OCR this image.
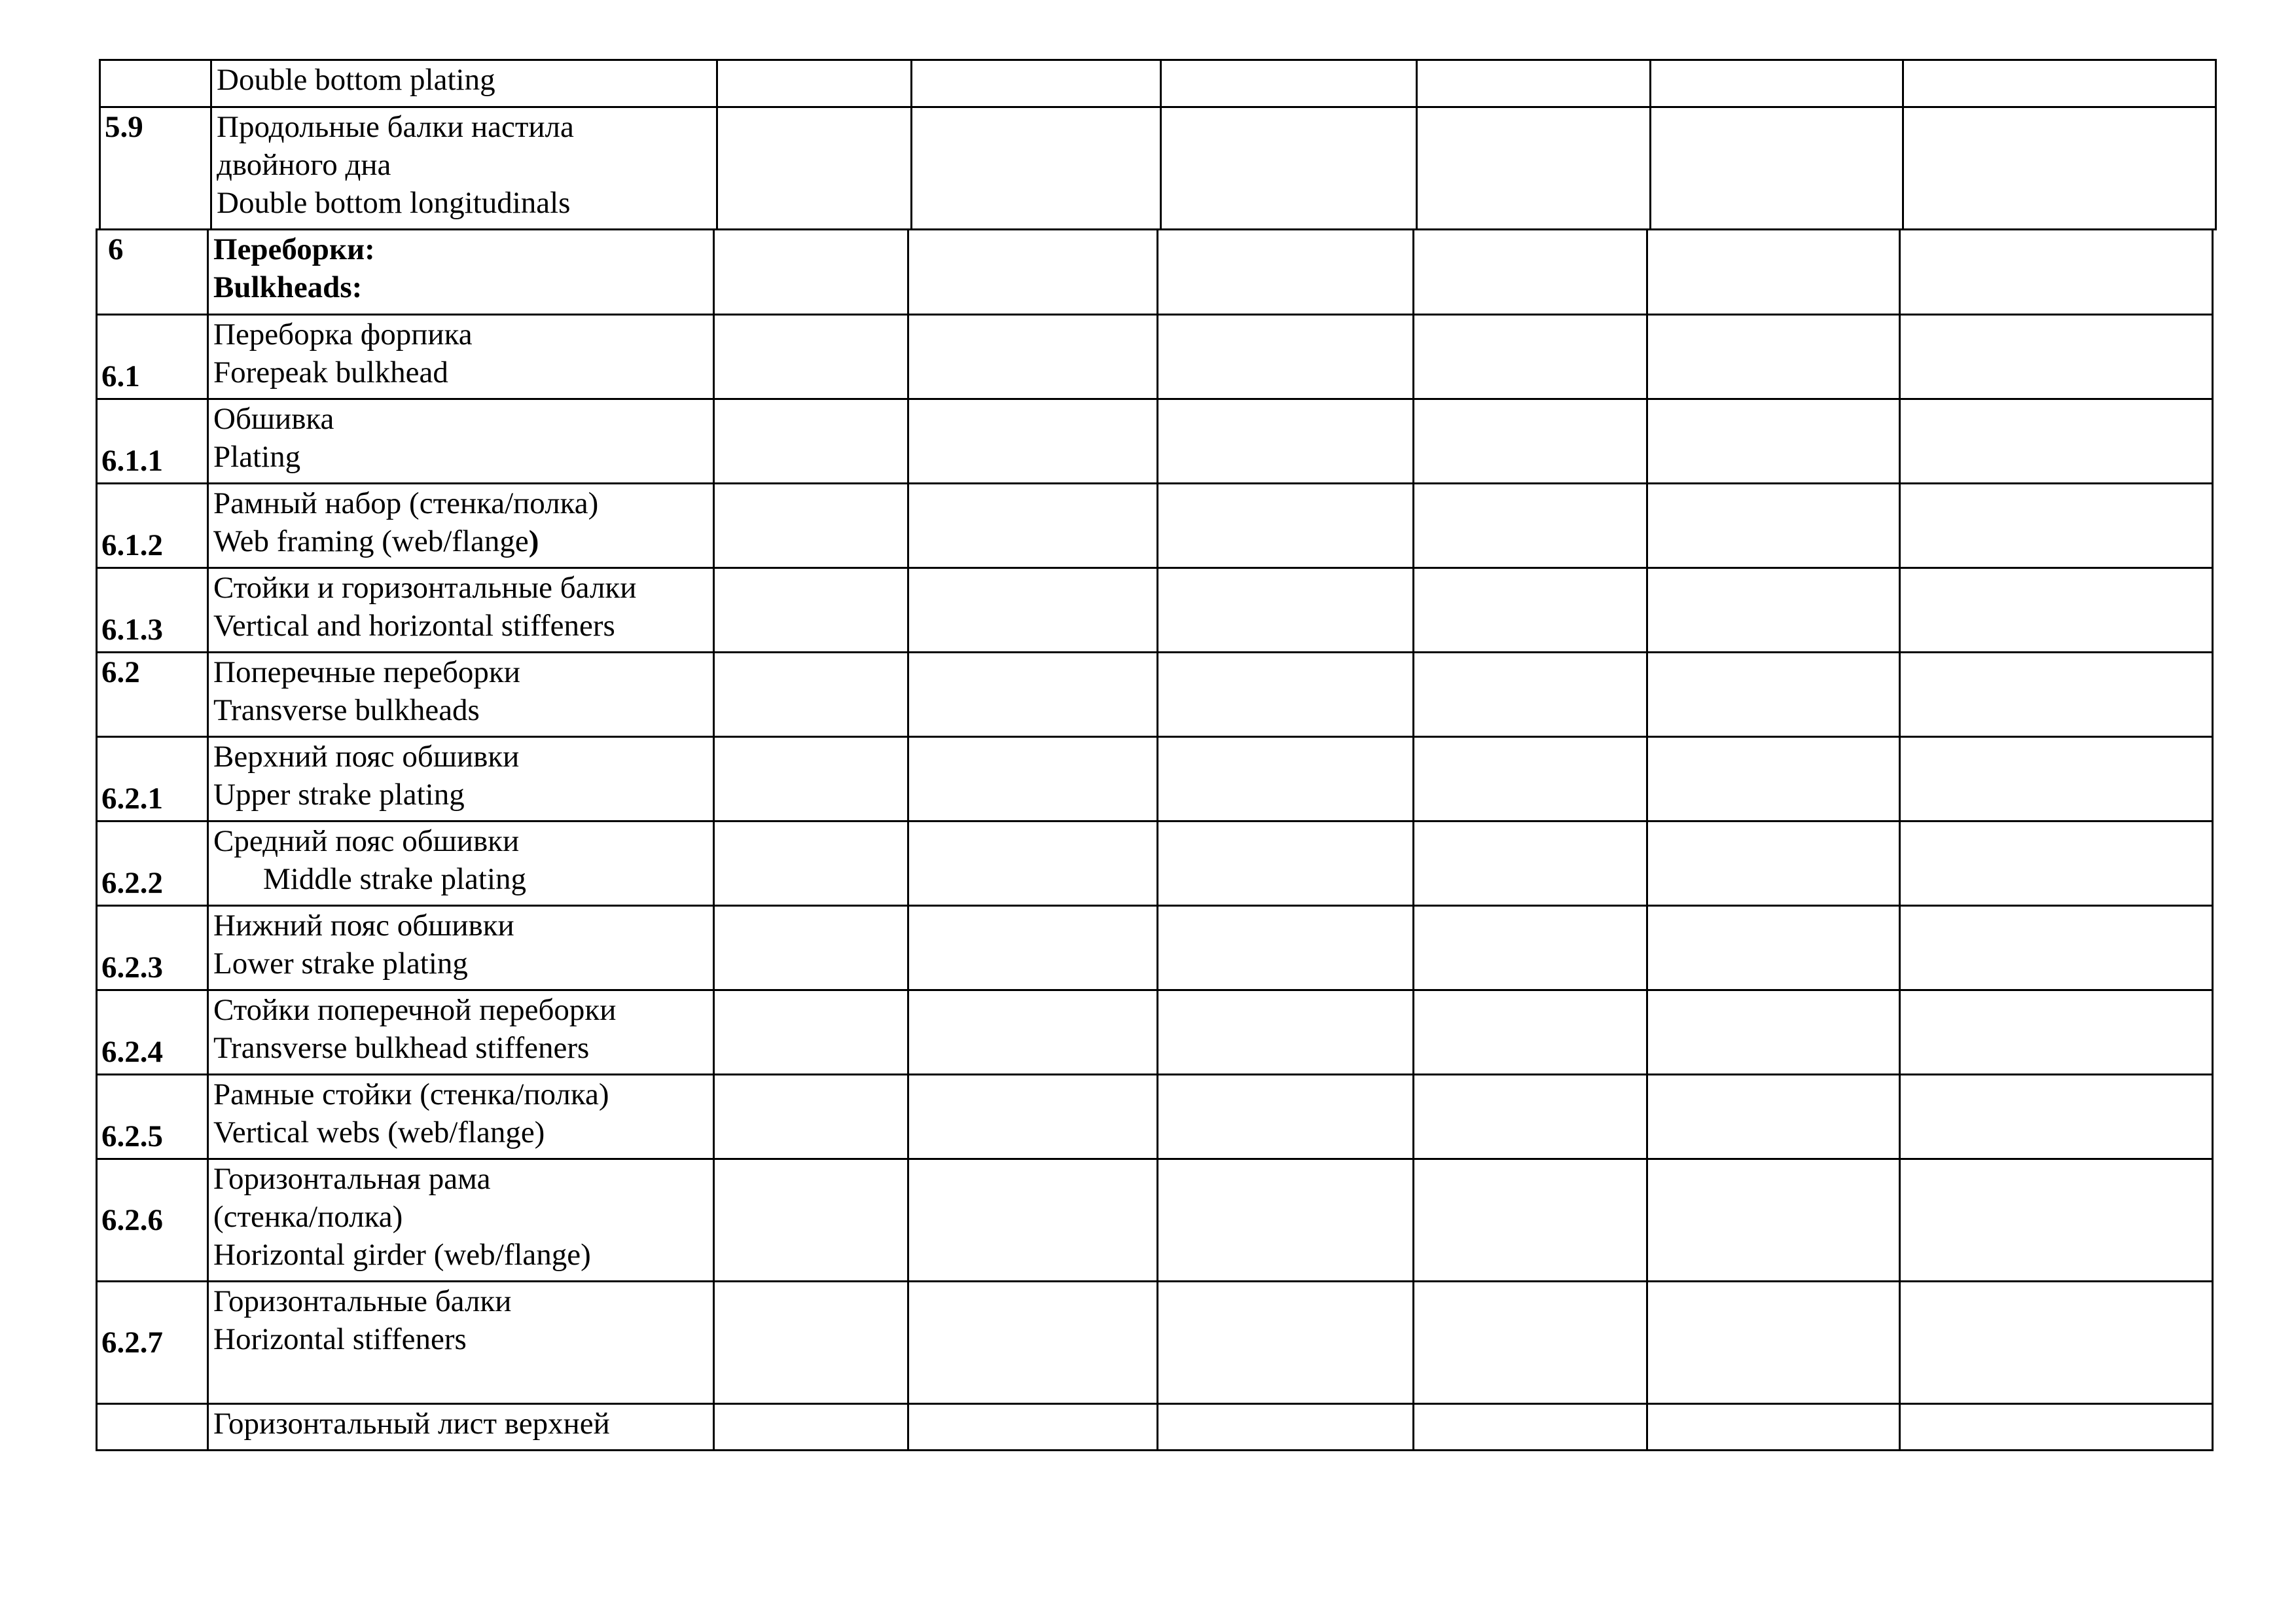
	Double bottom plating						

5.9	Продольные балки настила
двойного дна
Double bottom longitudinals						

6	Переборки:
Bulkheads:						

6.1	Переборка форпика
Forepeak bulkhead						

6.1.1	Обшивка
Plating						

6.1.2	Рамный набор (стенка/полка)
Web framing (web/flange)						

6.1.3	Стойки и горизонтальные балки
Vertical and horizontal stiffeners						

6.2	Поперечные переборки
Transverse bulkheads						

6.2.1	Верхний пояс обшивки
Upper strake plating						

6.2.2	Средний пояс обшивки
Middle strake plating						

6.2.3	Нижний пояс обшивки
Lower strake plating						

6.2.4	Стойки поперечной переборки
Transverse bulkhead stiffeners						

6.2.5	Рамные стойки (стенка/полка)
Vertical webs (web/flange)						

6.2.6	Горизонтальная рама
(стенка/полка)
Horizontal girder (web/flange)						

6.2.7	Горизонтальные балки
Horizontal stiffeners						

	Горизонтальный лист верхней						
